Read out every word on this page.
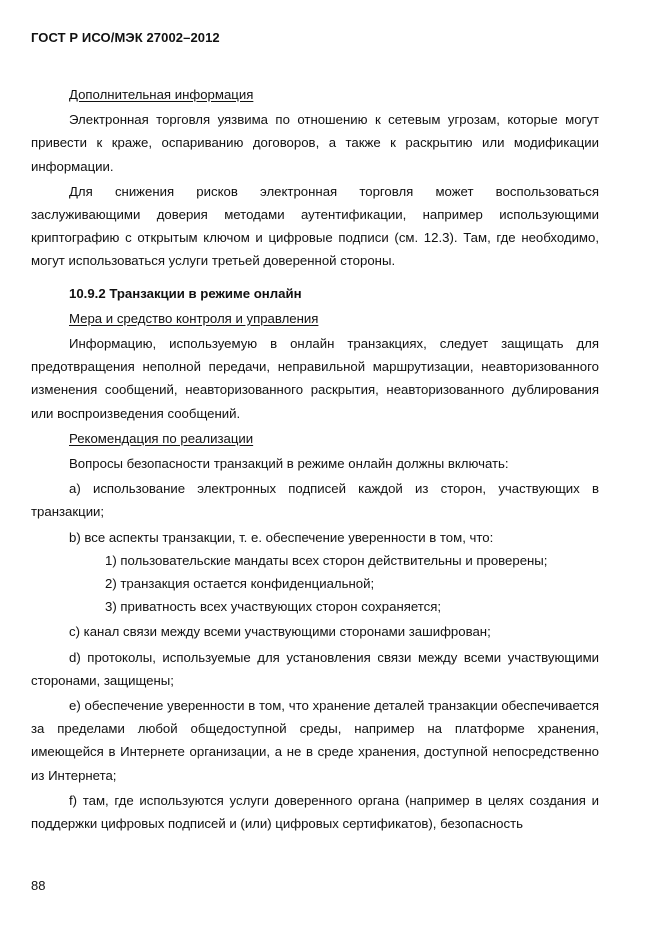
ГОСТ Р ИСО/МЭК 27002–2012

Дополнительная информация

Электронная торговля уязвима по отношению к сетевым угрозам, которые могут привести к краже, оспариванию договоров, а также к раскрытию или модификации информации.

Для снижения рисков электронная торговля может воспользоваться заслуживающими доверия методами аутентификации, например использующими криптографию с открытым ключом и цифровые подписи (см. 12.3). Там, где необходимо, могут использоваться услуги третьей доверенной стороны.

10.9.2 Транзакции в режиме онлайн

Мера и средство контроля и управления

Информацию, используемую в онлайн транзакциях, следует защищать для предотвращения неполной передачи, неправильной маршрутизации, неавторизованного изменения сообщений, неавторизованного раскрытия, неавторизованного дублирования или воспроизведения сообщений.

Рекомендация по реализации

Вопросы безопасности транзакций в режиме онлайн должны включать:

а) использование электронных подписей каждой из сторон, участвующих в транзакции;

b) все аспекты транзакции, т. е. обеспечение уверенности в том, что:

1) пользовательские мандаты всех сторон действительны и проверены;

2) транзакция остается конфиденциальной;

3) приватность всех участвующих сторон сохраняется;

с) канал связи между всеми участвующими сторонами зашифрован;

d) протоколы, используемые для установления связи между всеми участвующими сторонами, защищены;

е) обеспечение уверенности в том, что хранение деталей транзакции обеспечивается за пределами любой общедоступной среды, например на платформе хранения, имеющейся в Интернете организации, а не в среде хранения, доступной непосредственно из Интернета;

f) там, где используются услуги доверенного органа (например в целях создания и поддержки цифровых подписей и (или) цифровых сертификатов), безопасность

88
